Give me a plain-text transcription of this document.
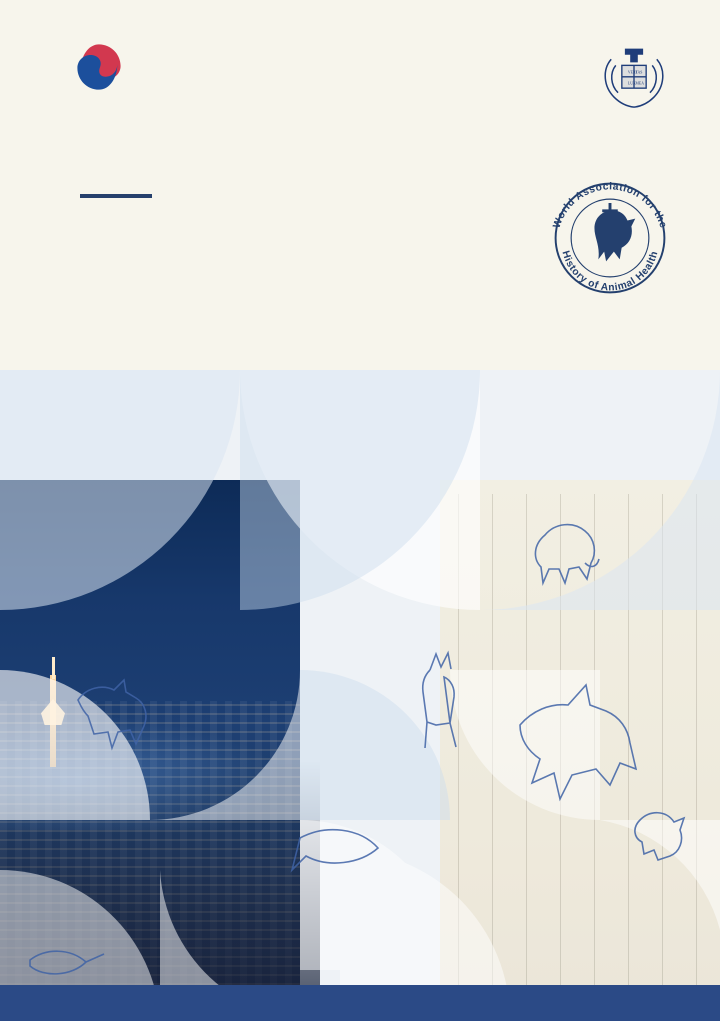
VERI
TAS
LUX MEA
World Association for the
History of Animal Health
